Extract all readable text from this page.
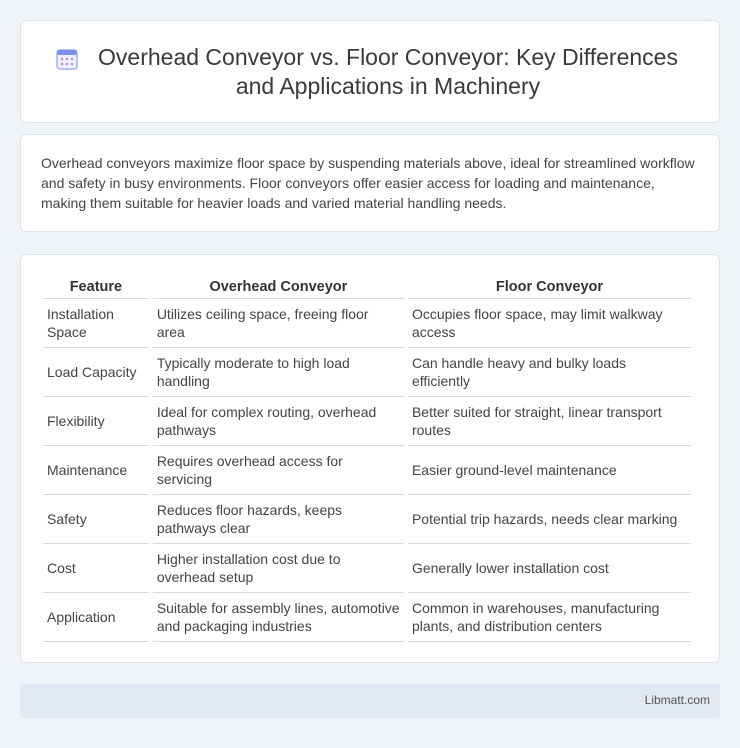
Overhead Conveyor vs. Floor Conveyor: Key Differences and Applications in Machinery

Overhead conveyors maximize floor space by suspending materials above, ideal for streamlined workflow and safety in busy environments. Floor conveyors offer easier access for loading and maintenance, making them suitable for heavier loads and varied material handling needs.

Feature	Overhead Conveyor	Floor Conveyor
Installation Space	Utilizes ceiling space, freeing floor area	Occupies floor space, may limit walkway access
Load Capacity	Typically moderate to high load handling	Can handle heavy and bulky loads efficiently
Flexibility	Ideal for complex routing, overhead pathways	Better suited for straight, linear transport routes
Maintenance	Requires overhead access for servicing	Easier ground-level maintenance
Safety	Reduces floor hazards, keeps pathways clear	Potential trip hazards, needs clear marking
Cost	Higher installation cost due to overhead setup	Generally lower installation cost
Application	Suitable for assembly lines, automotive and packaging industries	Common in warehouses, manufacturing plants, and distribution centers
Libmatt.com
